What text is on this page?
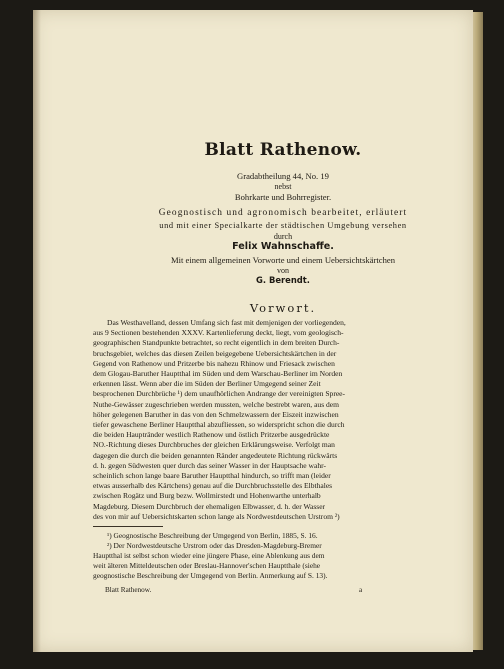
Blatt Rathenow.
Gradabtheilung 44, No. 19
nebst
Bohrkarte und Bohrregister.
Geognostisch und agronomisch bearbeitet, erläutert
und mit einer Specialkarte der städtischen Umgebung versehen
durch
Felix Wahnschaffe.
Mit einem allgemeinen Vorworte und einem Uebersichtskärtchen
von
G. Berendt.
Vorwort.
Das Westhavelland, dessen Umfang sich fast mit demjenigen der vorliegenden,
aus 9 Sectionen bestehenden XXXV. Kartenlieferung deckt, liegt, vom geologisch-
geographischen Standpunkte betrachtet, so recht eigentlich in dem breiten Durch-
bruchsgebiet, welches das diesen Zeilen beigegebene Uebersichtskärtchen in der
Gegend von Rathenow und Pritzerbe bis nahezu Rhinow und Friesack zwischen
dem Glogau-Baruther Hauptthal im Süden und dem Warschau-Berliner im Norden
erkennen lässt. Wenn aber die im Süden der Berliner Umgegend seiner Zeit
besprochenen Durchbrüche ¹) dem unaufhörlichen Andrange der vereinigten Spree-
Nuthe-Gewässer zugeschrieben werden mussten, welche bestrebt waren, aus dem
höher gelegenen Baruther in das von den Schmelzwassern der Eiszeit inzwischen
tiefer gewaschene Berliner Hauptthal abzufliessen, so widerspricht schon die durch
die beiden Hauptränder westlich Rathenow und östlich Pritzerbe ausgedrückte
NO.-Richtung dieses Durchbruches der gleichen Erklärungsweise. Verfolgt man
dagegen die durch die beiden genannten Ränder angedeutete Richtung rückwärts
d. h. gegen Südwesten quer durch das seiner Wasser in der Hauptsache wahr-
scheinlich schon lange baare Baruther Hauptthal hindurch, so trifft man (leider
etwas ausserhalb des Kärtchens) genau auf die Durchbruchsstelle des Elbthales
zwischen Rogätz und Burg bezw. Wollmirstedt und Hohenwarthe unterhalb
Magdeburg. Diesem Durchbruch der ehemaligen Elbwasser, d. h. der Wasser
des von mir auf Uebersichtskarten schon lange als Nordwestdeutschen Urstrom ²)
¹) Geognostische Beschreibung der Umgegend von Berlin, 1885, S. 16.
²) Der Nordwestdeutsche Urstrom oder das Dresden-Magdeburg-Bremer
Hauptthal ist selbst schon wieder eine jüngere Phase, eine Ablenkung aus dem
weit älteren Mitteldeutschen oder Breslau-Hannover'schen Hauptthale (siehe
geognostische Beschreibung der Umgegend von Berlin. Anmerkung auf S. 13).
Blatt Rathenow.	a
